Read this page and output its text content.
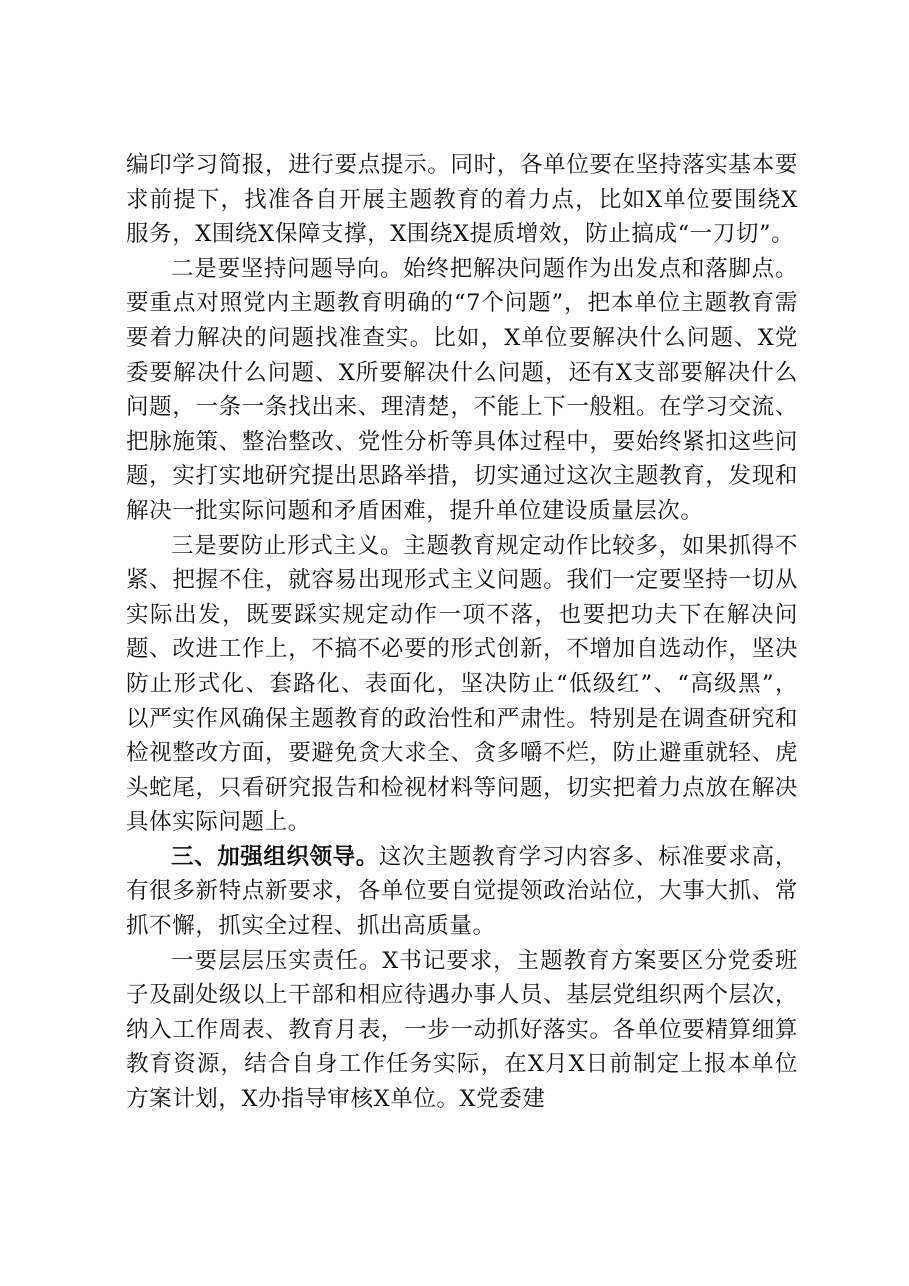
编印学习简报，进行要点提示。同时，各单位要在坚持落实基本要求前提下，找准各自开展主题教育的着力点，比如X单位要围绕X服务，X围绕X保障支撑，X围绕X提质增效，防止搞成“一刀切”。

二是要坚持问题导向。始终把解决问题作为出发点和落脚点。要重点对照党内主题教育明确的“7个问题”，把本单位主题教育需要着力解决的问题找准查实。比如，X单位要解决什么问题、X党委要解决什么问题、X所要解决什么问题，还有X支部要解决什么问题，一条一条找出来、理清楚，不能上下一般粗。在学习交流、把脉施策、整治整改、党性分析等具体过程中，要始终紧扣这些问题，实打实地研究提出思路举措，切实通过这次主题教育，发现和解决一批实际问题和矛盾困难，提升单位建设质量层次。

三是要防止形式主义。主题教育规定动作比较多，如果抓得不紧、把握不住，就容易出现形式主义问题。我们一定要坚持一切从实际出发，既要踩实规定动作一项不落，也要把功夫下在解决问题、改进工作上，不搞不必要的形式创新，不增加自选动作，坚决防止形式化、套路化、表面化，坚决防止“低级红”、“高级黑”，以严实作风确保主题教育的政治性和严肃性。特别是在调查研究和检视整改方面，要避免贪大求全、贪多嚼不烂，防止避重就轻、虎头蛇尾，只看研究报告和检视材料等问题，切实把着力点放在解决具体实际问题上。

三、加强组织领导。这次主题教育学习内容多、标准要求高，有很多新特点新要求，各单位要自觉提领政治站位，大事大抓、常抓不懈，抓实全过程、抓出高质量。

一要层层压实责任。X书记要求，主题教育方案要区分党委班子及副处级以上干部和相应待遇办事人员、基层党组织两个层次，纳入工作周表、教育月表，一步一动抓好落实。各单位要精算细算教育资源，结合自身工作任务实际，在X月X日前制定上报本单位方案计划，X办指导审核X单位。X党委建
